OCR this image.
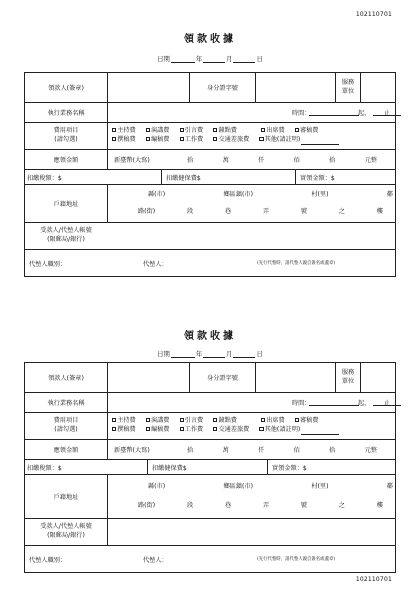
102110701
領款收據
日期	年	月	日
領款人(簽章)	身分證字號
服務單位
執行業務名稱	時間：	起， 止
費用項目
(請勾選)
主持費	演講費	引言費	鐘點費	出席費	審稿費
撰稿費	編稿費	工作費	交通差旅費	其他(請註明)
應領金額	新臺幣(大寫)	拾	萬	仟	佰	拾	元整
扣繳稅額：$	扣繳健保費$	實領金額：$
戶籍地址
縣(市)	鄉區鎮(市)	村(里)	鄰
路(街)	段	巷	弄	號	之	樓
受款人/代墊人帳號
(限郵局/銀行)
代墊人職別：	代墊人：	(先行代墊時，請代墊人親自簽名或蓋章)
領款收據
日期	年	月	日
領款人(簽章)	身分證字號
服務單位
執行業務名稱	時間：	起， 止
費用項目
(請勾選)
主持費	演講費	引言費	鐘點費	出席費	審稿費
撰稿費	編稿費	工作費	交通差旅費	其他(請註明)
應領金額	新臺幣(大寫)	拾	萬	仟	佰	拾	元整
扣繳稅額：$	扣繳健保費$	實領金額：$
戶籍地址
縣(市)	鄉區鎮(市)	村(里)	鄰
路(街)	段	巷	弄	號	之	樓
受款人/代墊人帳號
(限郵局/銀行)
代墊人職別：	代墊人：	(先行代墊時，請代墊人親自簽名或蓋章)
102110701
